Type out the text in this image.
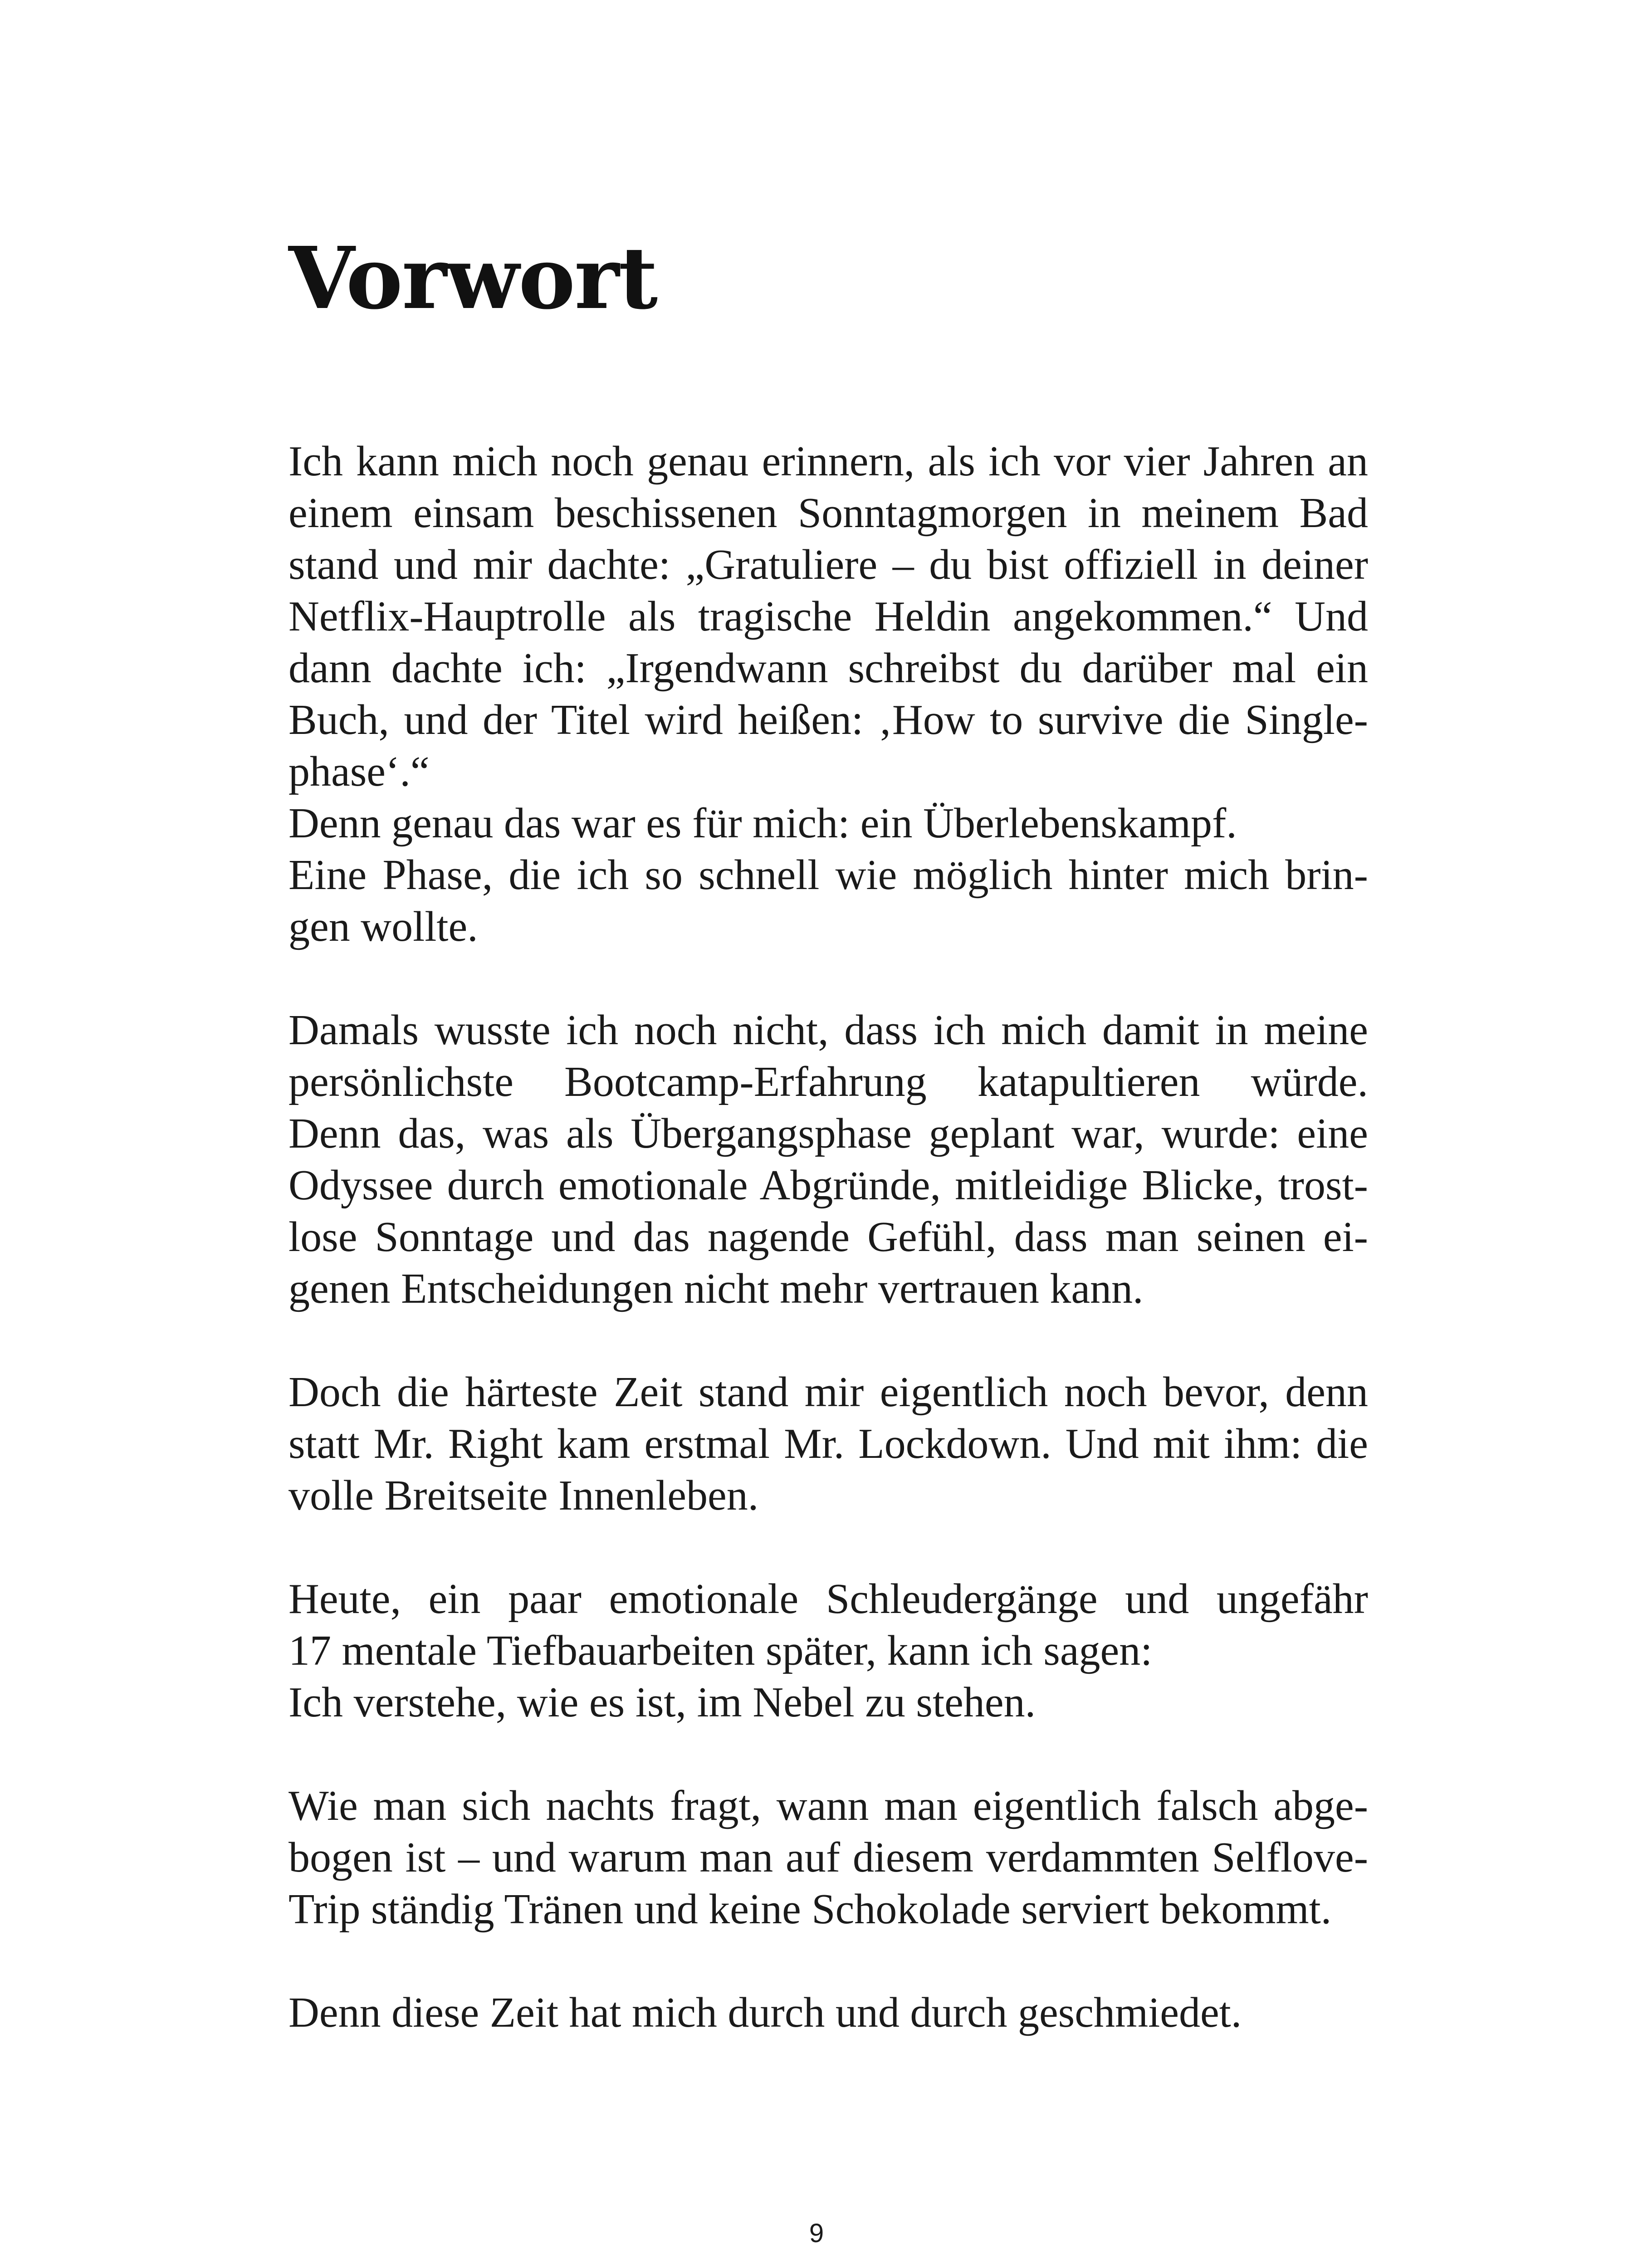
Vorwort

Ich kann mich noch genau erinnern, als ich vor vier Jahren an
einem einsam beschissenen Sonntagmorgen in meinem Bad
stand und mir dachte: „Gratuliere – du bist offiziell in deiner
Netflix-Hauptrolle als tragische Heldin angekommen.“ Und
dann dachte ich: „Irgendwann schreibst du darüber mal ein
Buch, und der Titel wird heißen: ‚How to survive die Single-
phase‘.“
Denn genau das war es für mich: ein Überlebenskampf.
Eine Phase, die ich so schnell wie möglich hinter mich brin-
gen wollte.

Damals wusste ich noch nicht, dass ich mich damit in meine
persönlichste Bootcamp-Erfahrung katapultieren würde.
Denn das, was als Übergangsphase geplant war, wurde: eine
Odyssee durch emotionale Abgründe, mitleidige Blicke, trost-
lose Sonntage und das nagende Gefühl, dass man seinen ei-
genen Entscheidungen nicht mehr vertrauen kann.

Doch die härteste Zeit stand mir eigentlich noch bevor, denn
statt Mr. Right kam erstmal Mr. Lockdown. Und mit ihm: die
volle Breitseite Innenleben.

Heute, ein paar emotionale Schleudergänge und ungefähr
17 mentale Tiefbauarbeiten später, kann ich sagen:
Ich verstehe, wie es ist, im Nebel zu stehen.

Wie man sich nachts fragt, wann man eigentlich falsch abge-
bogen ist – und warum man auf diesem verdammten Selflove-
Trip ständig Tränen und keine Schokolade serviert bekommt.

Denn diese Zeit hat mich durch und durch geschmiedet.

9
